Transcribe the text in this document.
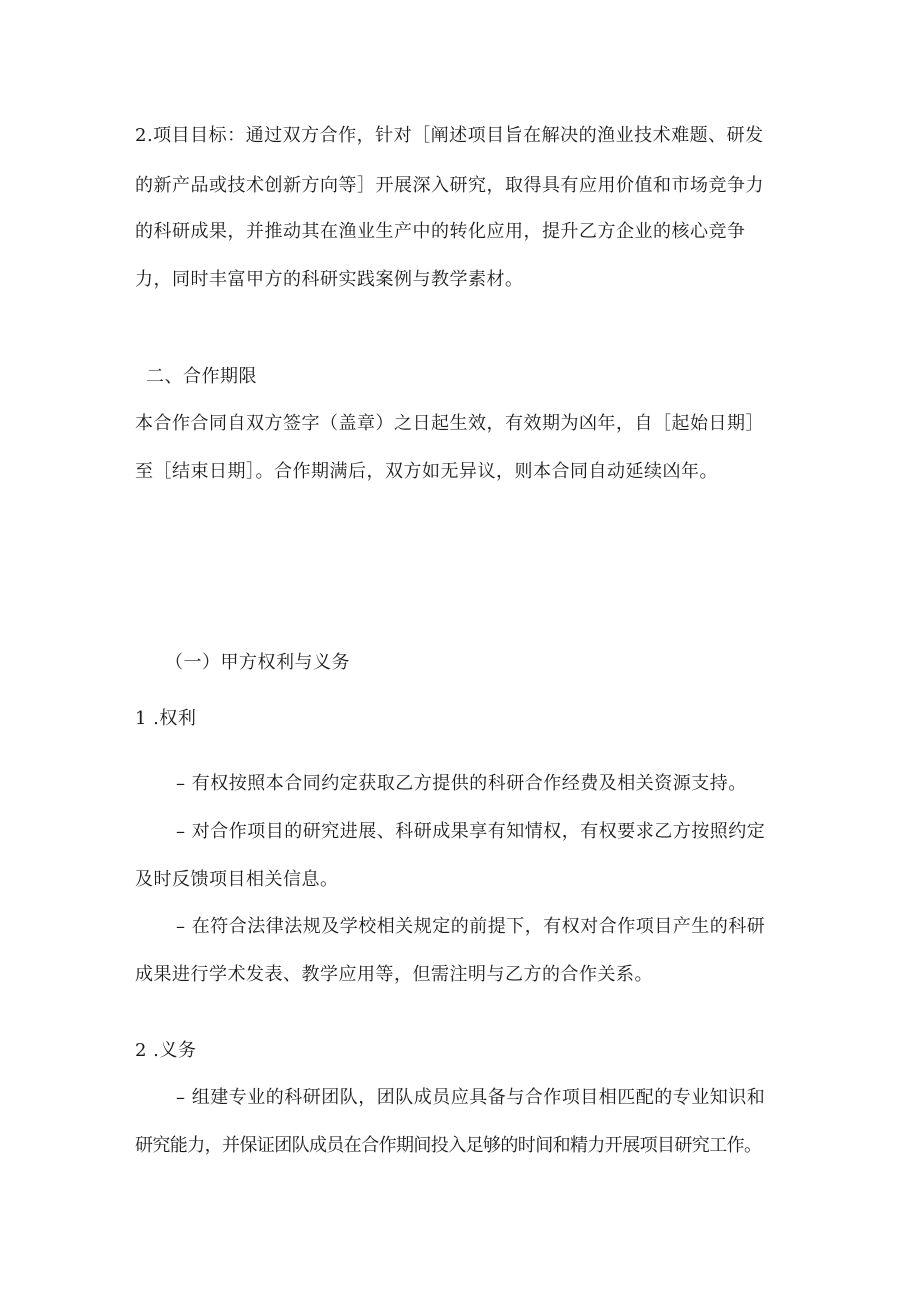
2.项目目标：通过双方合作，针对［阐述项目旨在解决的渔业技术难题、研发
的新产品或技术创新方向等］开展深入研究，取得具有应用价值和市场竞争力
的科研成果，并推动其在渔业生产中的转化应用，提升乙方企业的核心竞争
力，同时丰富甲方的科研实践案例与教学素材。
二、合作期限
本合作合同自双方签字（盖章）之日起生效，有效期为凶年，自［起始日期］
至［结束日期］。合作期满后，双方如无异议，则本合同自动延续凶年。
（一）甲方权利与义务
1 .权利
– 有权按照本合同约定获取乙方提供的科研合作经费及相关资源支持。
– 对合作项目的研究进展、科研成果享有知情权，有权要求乙方按照约定
及时反馈项目相关信息。
– 在符合法律法规及学校相关规定的前提下，有权对合作项目产生的科研
成果进行学术发表、教学应用等，但需注明与乙方的合作关系。
2 .义务
– 组建专业的科研团队，团队成员应具备与合作项目相匹配的专业知识和
研究能力，并保证团队成员在合作期间投入足够的时间和精力开展项目研究工作。
